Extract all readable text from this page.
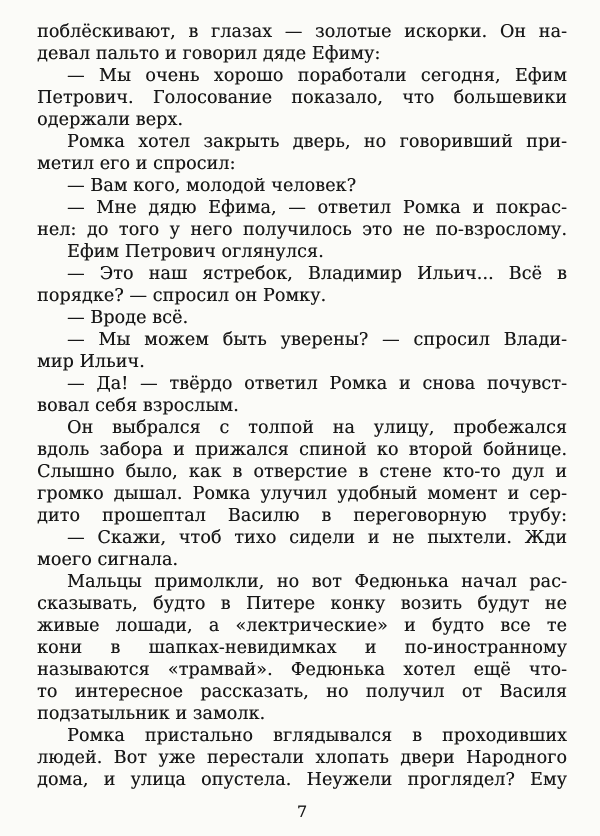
поблёскивают, в глазах — золотые искорки. Он на-
девал пальто и говорил дяде Ефиму:
— Мы очень хорошо поработали сегодня, Ефим
Петрович. Голосование показало, что большевики
одержали верх.
Ромка хотел закрыть дверь, но говоривший при-
метил его и спросил:
— Вам кого, молодой человек?
— Мне дядю Ефима, — ответил Ромка и покрас-
нел: до того у него получилось это не по-взрослому.
Ефим Петрович оглянулся.
— Это наш ястребок, Владимир Ильич... Всё в
порядке? — спросил он Ромку.
— Вроде всё.
— Мы можем быть уверены? — спросил Влади-
мир Ильич.
— Да! — твёрдо ответил Ромка и снова почувст-
вовал себя взрослым.
Он выбрался с толпой на улицу, пробежался
вдоль забора и прижался спиной ко второй бойнице.
Слышно было, как в отверстие в стене кто-то дул и
громко дышал. Ромка улучил удобный момент и сер-
дито прошептал Василю в переговорную трубу:
— Скажи, чтоб тихо сидели и не пыхтели. Жди
моего сигнала.
Мальцы примолкли, но вот Федюнька начал рас-
сказывать, будто в Питере конку возить будут не
живые лошади, а «лектрические» и будто все те
кони в шапках-невидимках и по-иностранному
называются «трамвай». Федюнька хотел ещё что-
то интересное рассказать, но получил от Василя
подзатыльник и замолк.
Ромка пристально вглядывался в проходивших
людей. Вот уже перестали хлопать двери Народного
дома, и улица опустела. Неужели проглядел? Ему
7
